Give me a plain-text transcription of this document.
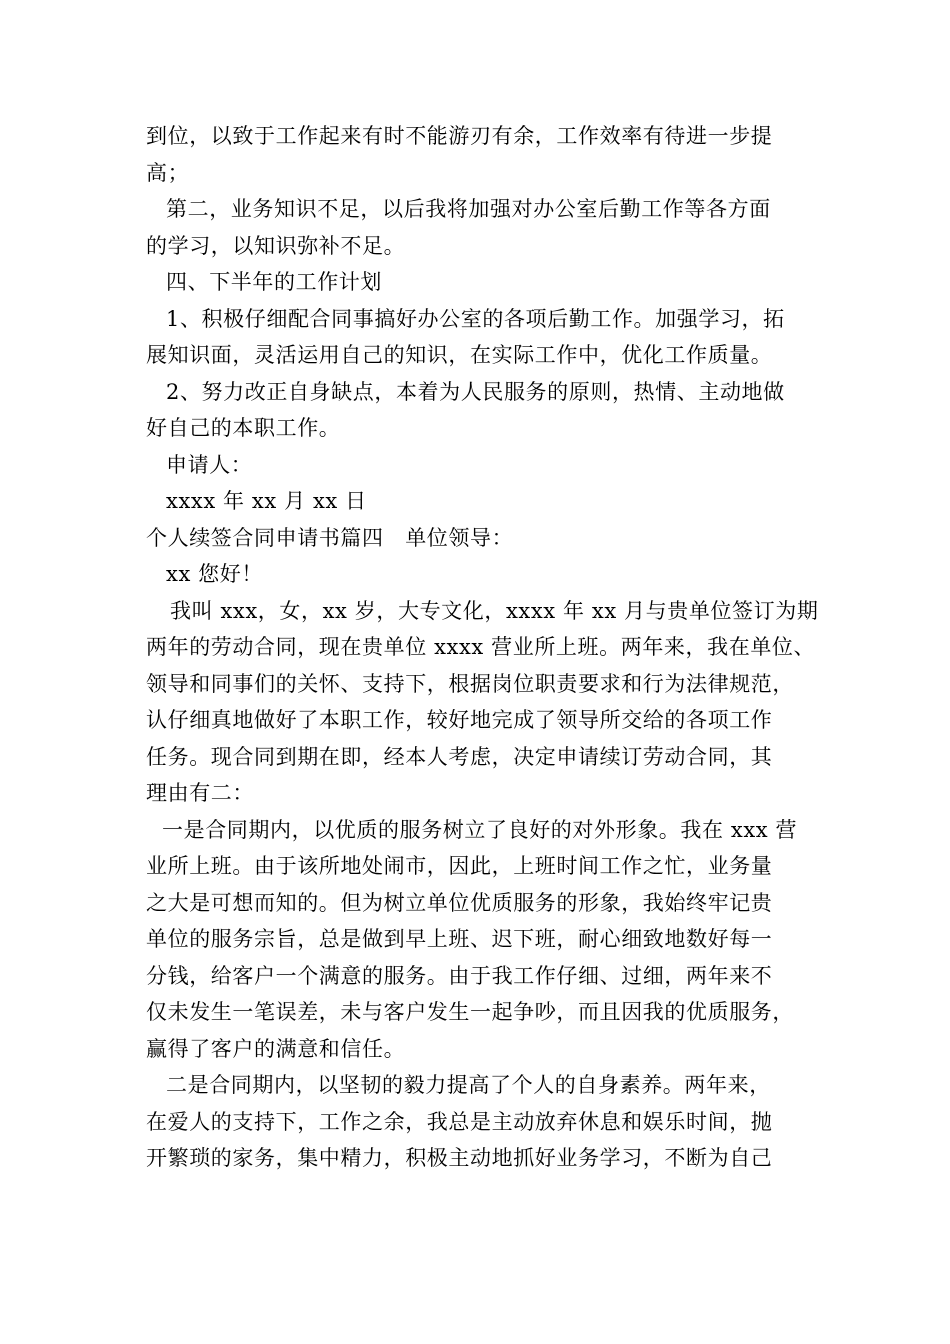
到位，以致于工作起来有时不能游刃有余，工作效率有待进一步提
高；
第二，业务知识不足，以后我将加强对办公室后勤工作等各方面
的学习，以知识弥补不足。
四、下半年的工作计划
1、积极仔细配合同事搞好办公室的各项后勤工作。加强学习，拓
展知识面，灵活运用自己的知识，在实际工作中，优化工作质量。
2、努力改正自身缺点，本着为人民服务的原则，热情、主动地做
好自己的本职工作。
申请人：
xxxx 年 xx 月 xx 日
个人续签合同申请书篇四　单位领导：
xx 您好！
我叫 xxx，女，xx 岁，大专文化，xxxx 年 xx 月与贵单位签订为期
两年的劳动合同，现在贵单位 xxxx 营业所上班。两年来，我在单位、
领导和同事们的关怀、支持下，根据岗位职责要求和行为法律规范，
认仔细真地做好了本职工作，较好地完成了领导所交给的各项工作
任务。现合同到期在即，经本人考虑，决定申请续订劳动合同，其
理由有二：
一是合同期内，以优质的服务树立了良好的对外形象。我在 xxx 营
业所上班。由于该所地处闹市，因此，上班时间工作之忙，业务量
之大是可想而知的。但为树立单位优质服务的形象，我始终牢记贵
单位的服务宗旨，总是做到早上班、迟下班，耐心细致地数好每一
分钱，给客户一个满意的服务。由于我工作仔细、过细，两年来不
仅未发生一笔误差，未与客户发生一起争吵，而且因我的优质服务，
赢得了客户的满意和信任。
二是合同期内，以坚韧的毅力提高了个人的自身素养。两年来，
在爱人的支持下，工作之余，我总是主动放弃休息和娱乐时间，抛
开繁琐的家务，集中精力，积极主动地抓好业务学习，不断为自己
